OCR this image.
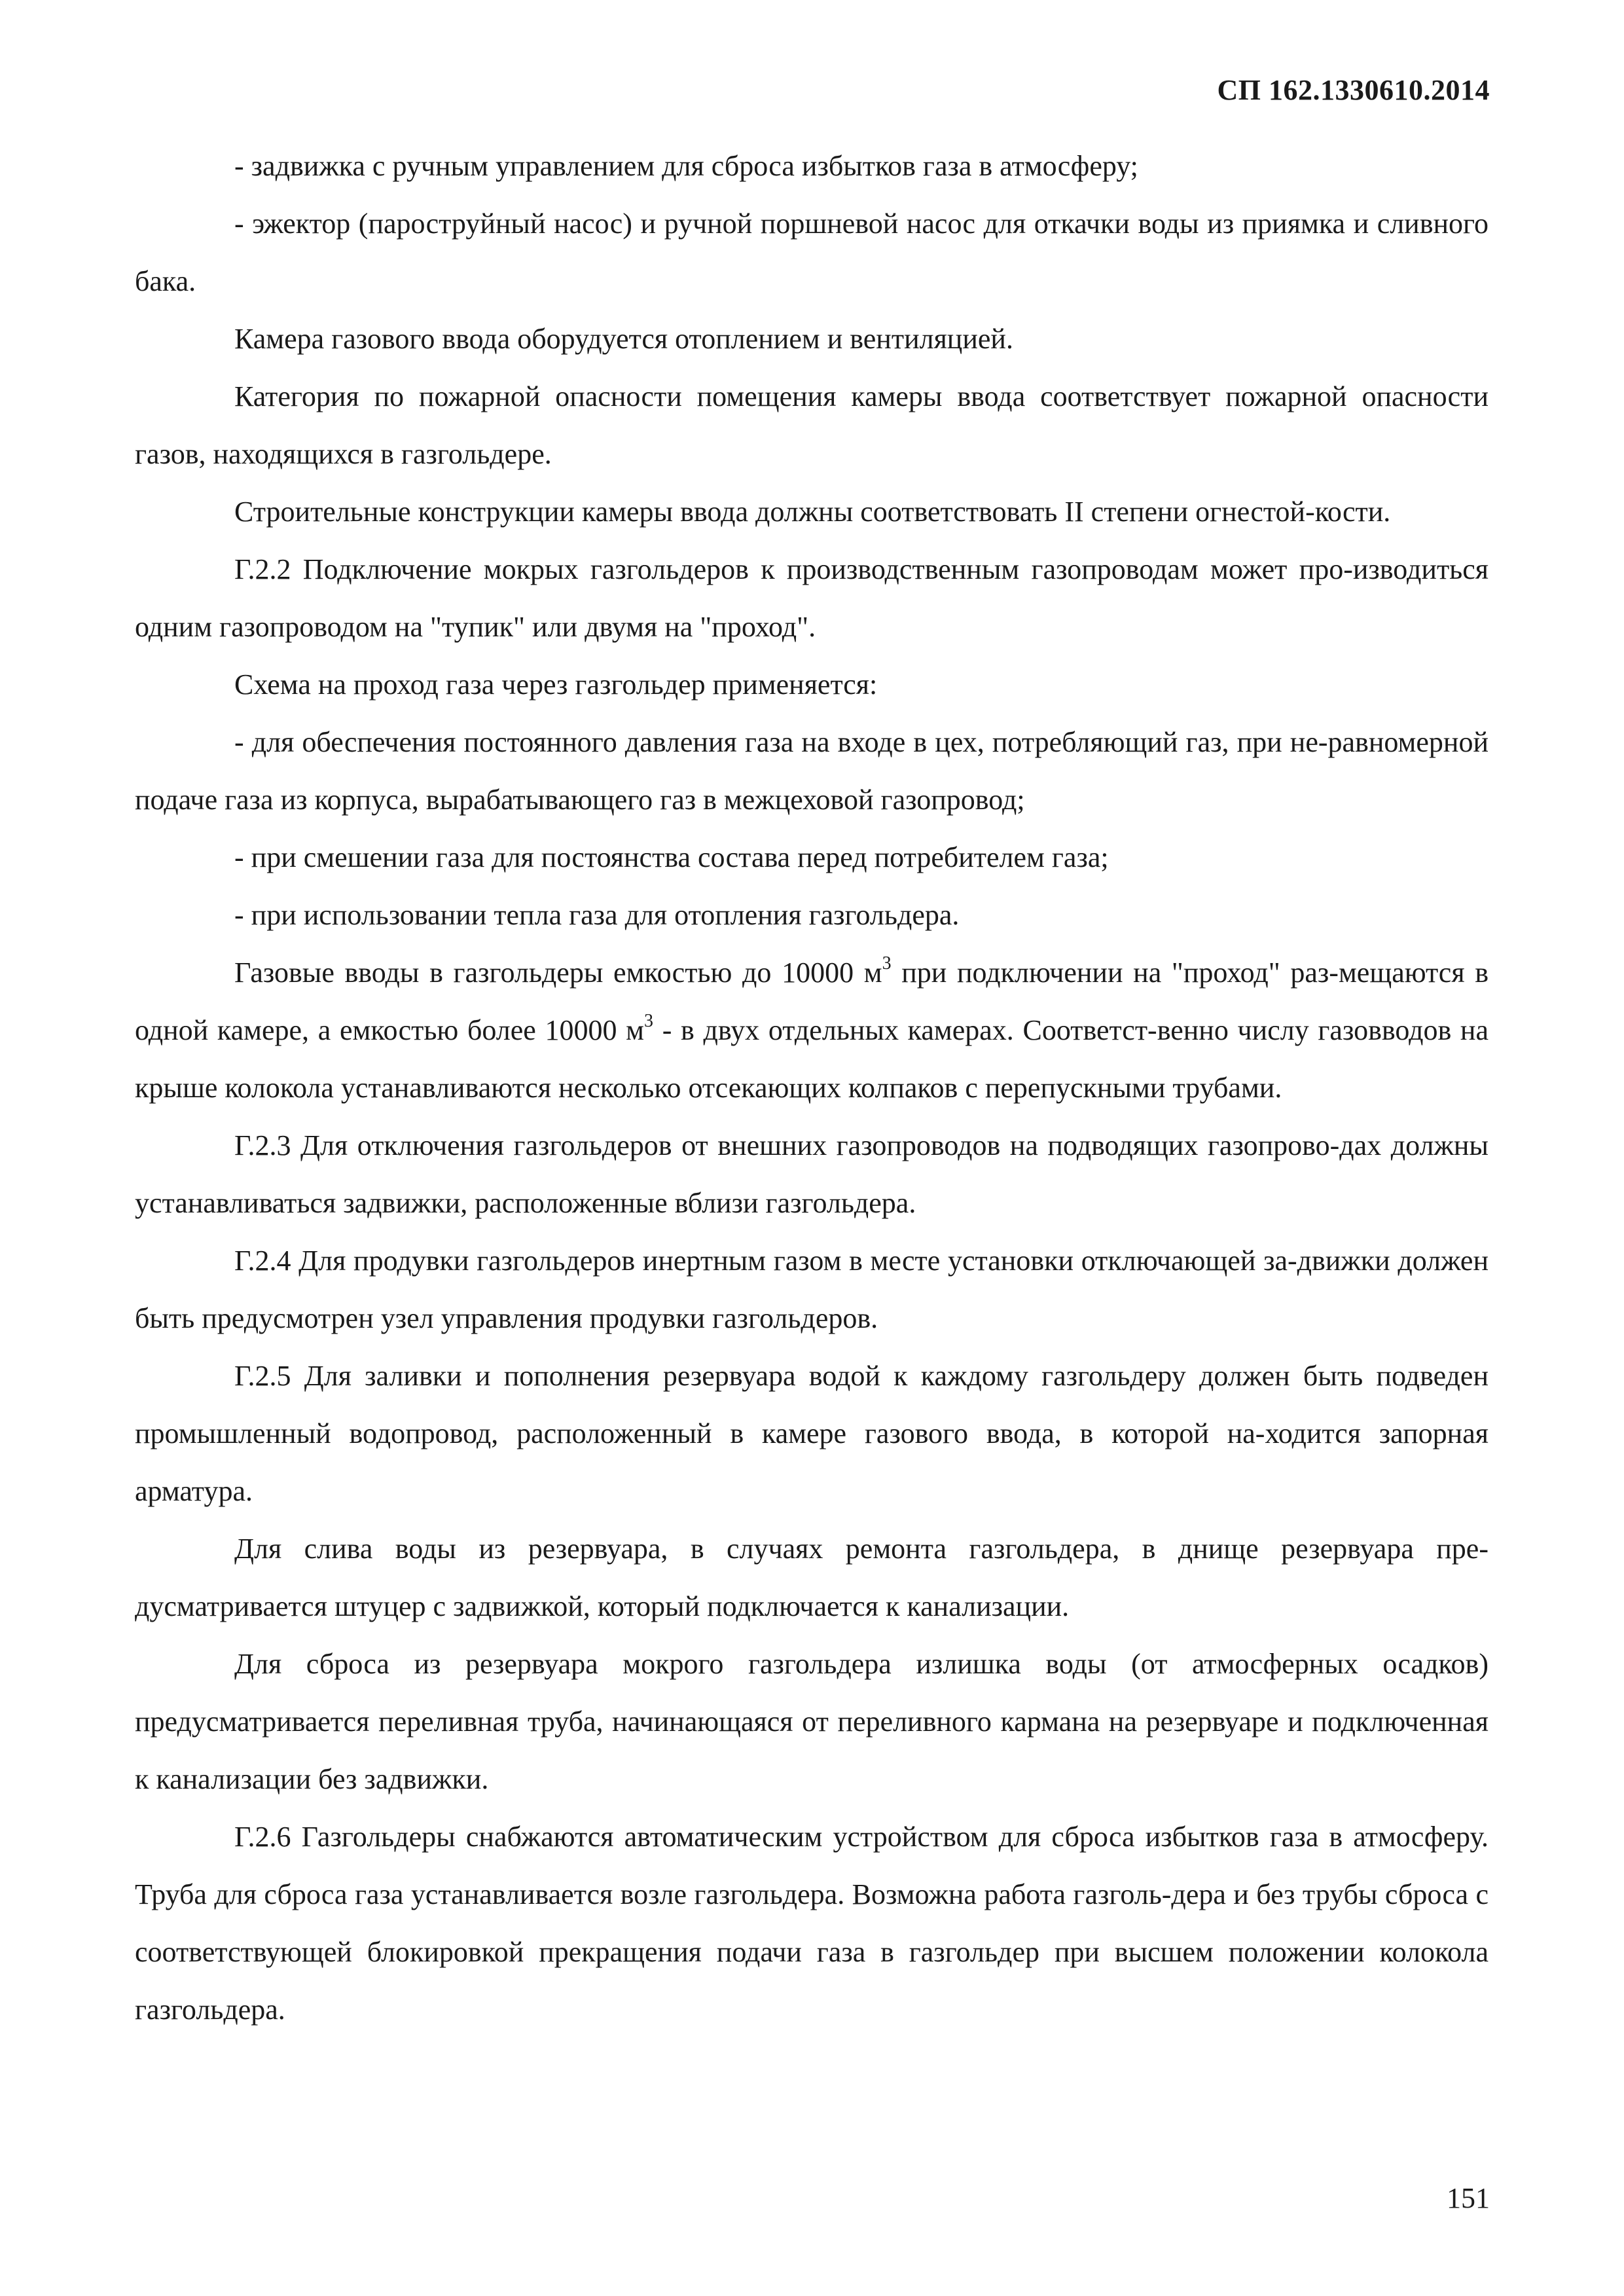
СП 162.1330610.2014

- задвижка с ручным управлением для сброса избытков газа в атмосферу;

- эжектор (пароструйный насос) и ручной поршневой насос для откачки воды из приямка и сливного бака.

Камера газового ввода оборудуется отоплением и вентиляцией.

Категория по пожарной опасности помещения камеры ввода соответствует пожарной опасности газов, находящихся в газгольдере.

Строительные конструкции камеры ввода должны соответствовать II степени огнестой-кости.

Г.2.2 Подключение мокрых газгольдеров к производственным газопроводам может про-изводиться одним газопроводом на "тупик" или двумя на "проход".

Схема на проход газа через газгольдер применяется:

- для обеспечения постоянного давления газа на входе в цех, потребляющий газ, при не-равномерной подаче газа из корпуса, вырабатывающего газ в межцеховой газопровод;

- при смешении газа для постоянства состава перед потребителем газа;

- при использовании тепла газа для отопления газгольдера.

Газовые вводы в газгольдеры емкостью до 10000 $м^3$ при подключении на "проход" раз-мещаются в одной камере, а емкостью более 10000 $м^3$ - в двух отдельных камерах. Соответст-венно числу газовводов на крыше колокола устанавливаются несколько отсекающих колпаков с перепускными трубами.

Г.2.3 Для отключения газгольдеров от внешних газопроводов на подводящих газопрово-дах должны устанавливаться задвижки, расположенные вблизи газгольдера.

Г.2.4 Для продувки газгольдеров инертным газом в месте установки отключающей за-движки должен быть предусмотрен узел управления продувки газгольдеров.

Г.2.5 Для заливки и пополнения резервуара водой к каждому газгольдеру должен быть подведен промышленный водопровод, расположенный в камере газового ввода, в которой на-ходится запорная арматура.

Для слива воды из резервуара, в случаях ремонта газгольдера, в днище резервуара пре-дусматривается штуцер с задвижкой, который подключается к канализации.

Для сброса из резервуара мокрого газгольдера излишка воды (от атмосферных осадков) предусматривается переливная труба, начинающаяся от переливного кармана на резервуаре и подключенная к канализации без задвижки.

Г.2.6 Газгольдеры снабжаются автоматическим устройством для сброса избытков газа в атмосферу. Труба для сброса газа устанавливается возле газгольдера. Возможна работа газголь-дера и без трубы сброса с соответствующей блокировкой прекращения подачи газа в газгольдер при высшем положении колокола газгольдера.

151
